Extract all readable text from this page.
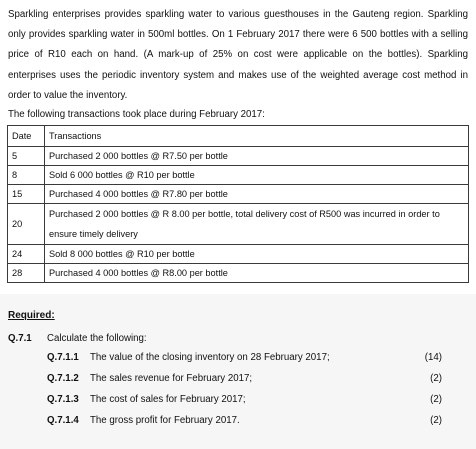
Sparkling enterprises provides sparkling water to various guesthouses in the Gauteng region. Sparkling only provides sparkling water in 500ml bottles. On 1 February 2017 there were 6 500 bottles with a selling price of R10 each on hand. (A mark-up of 25% on cost were applicable on the bottles). Sparkling enterprises uses the periodic inventory system and makes use of the weighted average cost method in order to value the inventory.
The following transactions took place during February 2017:
Date	Transactions
5	Purchased 2 000 bottles @ R7.50 per bottle
8	Sold 6 000 bottles @ R10 per bottle
15	Purchased 4 000 bottles @ R7.80 per bottle
20	Purchased 2 000 bottles @ R 8.00 per bottle, total delivery cost of R500 was incurred in order to ensure timely delivery
24	Sold 8 000 bottles @ R10 per bottle
28	Purchased 4 000 bottles @ R8.00 per bottle
Required:
Q.7.1 Calculate the following:
Q.7.1.1 The value of the closing inventory on 28 February 2017;	(14)
Q.7.1.2 The sales revenue for February 2017;	(2)
Q.7.1.3 The cost of sales for February 2017;	(2)
Q.7.1.4 The gross profit for February 2017.	(2)
